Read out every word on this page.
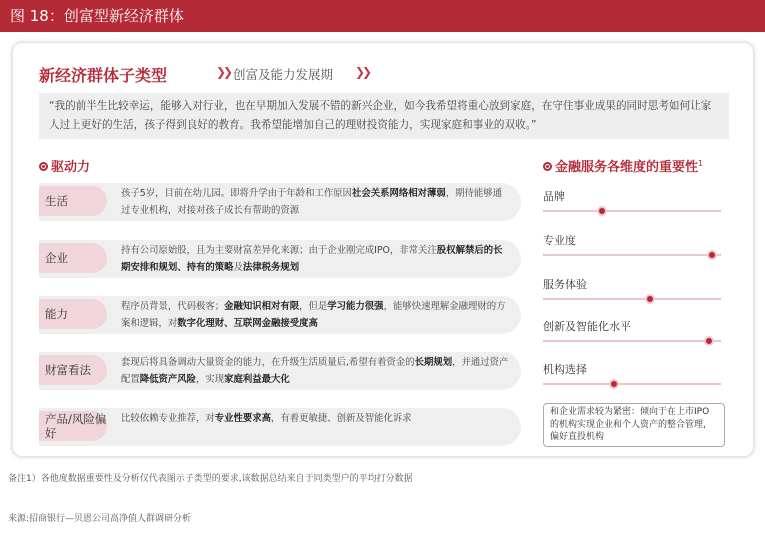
图 18：创富型新经济群体
新经济群体子类型	❯❯ 创富及能力发展期 ❯❯
“我的前半生比较幸运，能够入对行业，也在早期加入发展不错的新兴企业，如今我希望将重心放到家庭，在守住事业成果的同时思考如何让家人过上更好的生活，孩子得到良好的教育。我希望能增加自己的理财投资能力，实现家庭和事业的双收。”
驱动力	金融服务各维度的重要性$^1$
生活
孩子5岁，目前在幼儿园。即将升学由于年龄和工作原因社会关系网络相对薄弱，期待能够通过专业机构，对接对孩子成长有帮助的资源
企业
持有公司原始股，且为主要财富差异化来源；由于企业刚完成IPO，非常关注股权解禁后的长期安排和规划、持有的策略及法律税务规划
能力
程序员背景，代码极客；金融知识相对有限，但是学习能力很强，能够快速理解金融理财的方案和逻辑，对数字化理财、互联网金融接受度高
财富看法
套现后将具备调动大量资金的能力，在升级生活质量后,希望有着资金的长期规划，并通过资产配置降低资产风险，实现家庭利益最大化
产品/风险偏好
比较依赖专业推荐，对专业性要求高，有着更敏捷、创新及智能化诉求
品牌
专业度
服务体验
创新及智能化水平
机构选择
和企业需求较为紧密：倾向于在上市IPO的机构实现企业和个人资产的整合管理，偏好直投机构
备注1）各他度数据重要性及分析仅代表图示子类型的要求,该数据总结来自于同类型户的平均打分数据
来源:招商银行—贝恩公司高净值人群调研分析
